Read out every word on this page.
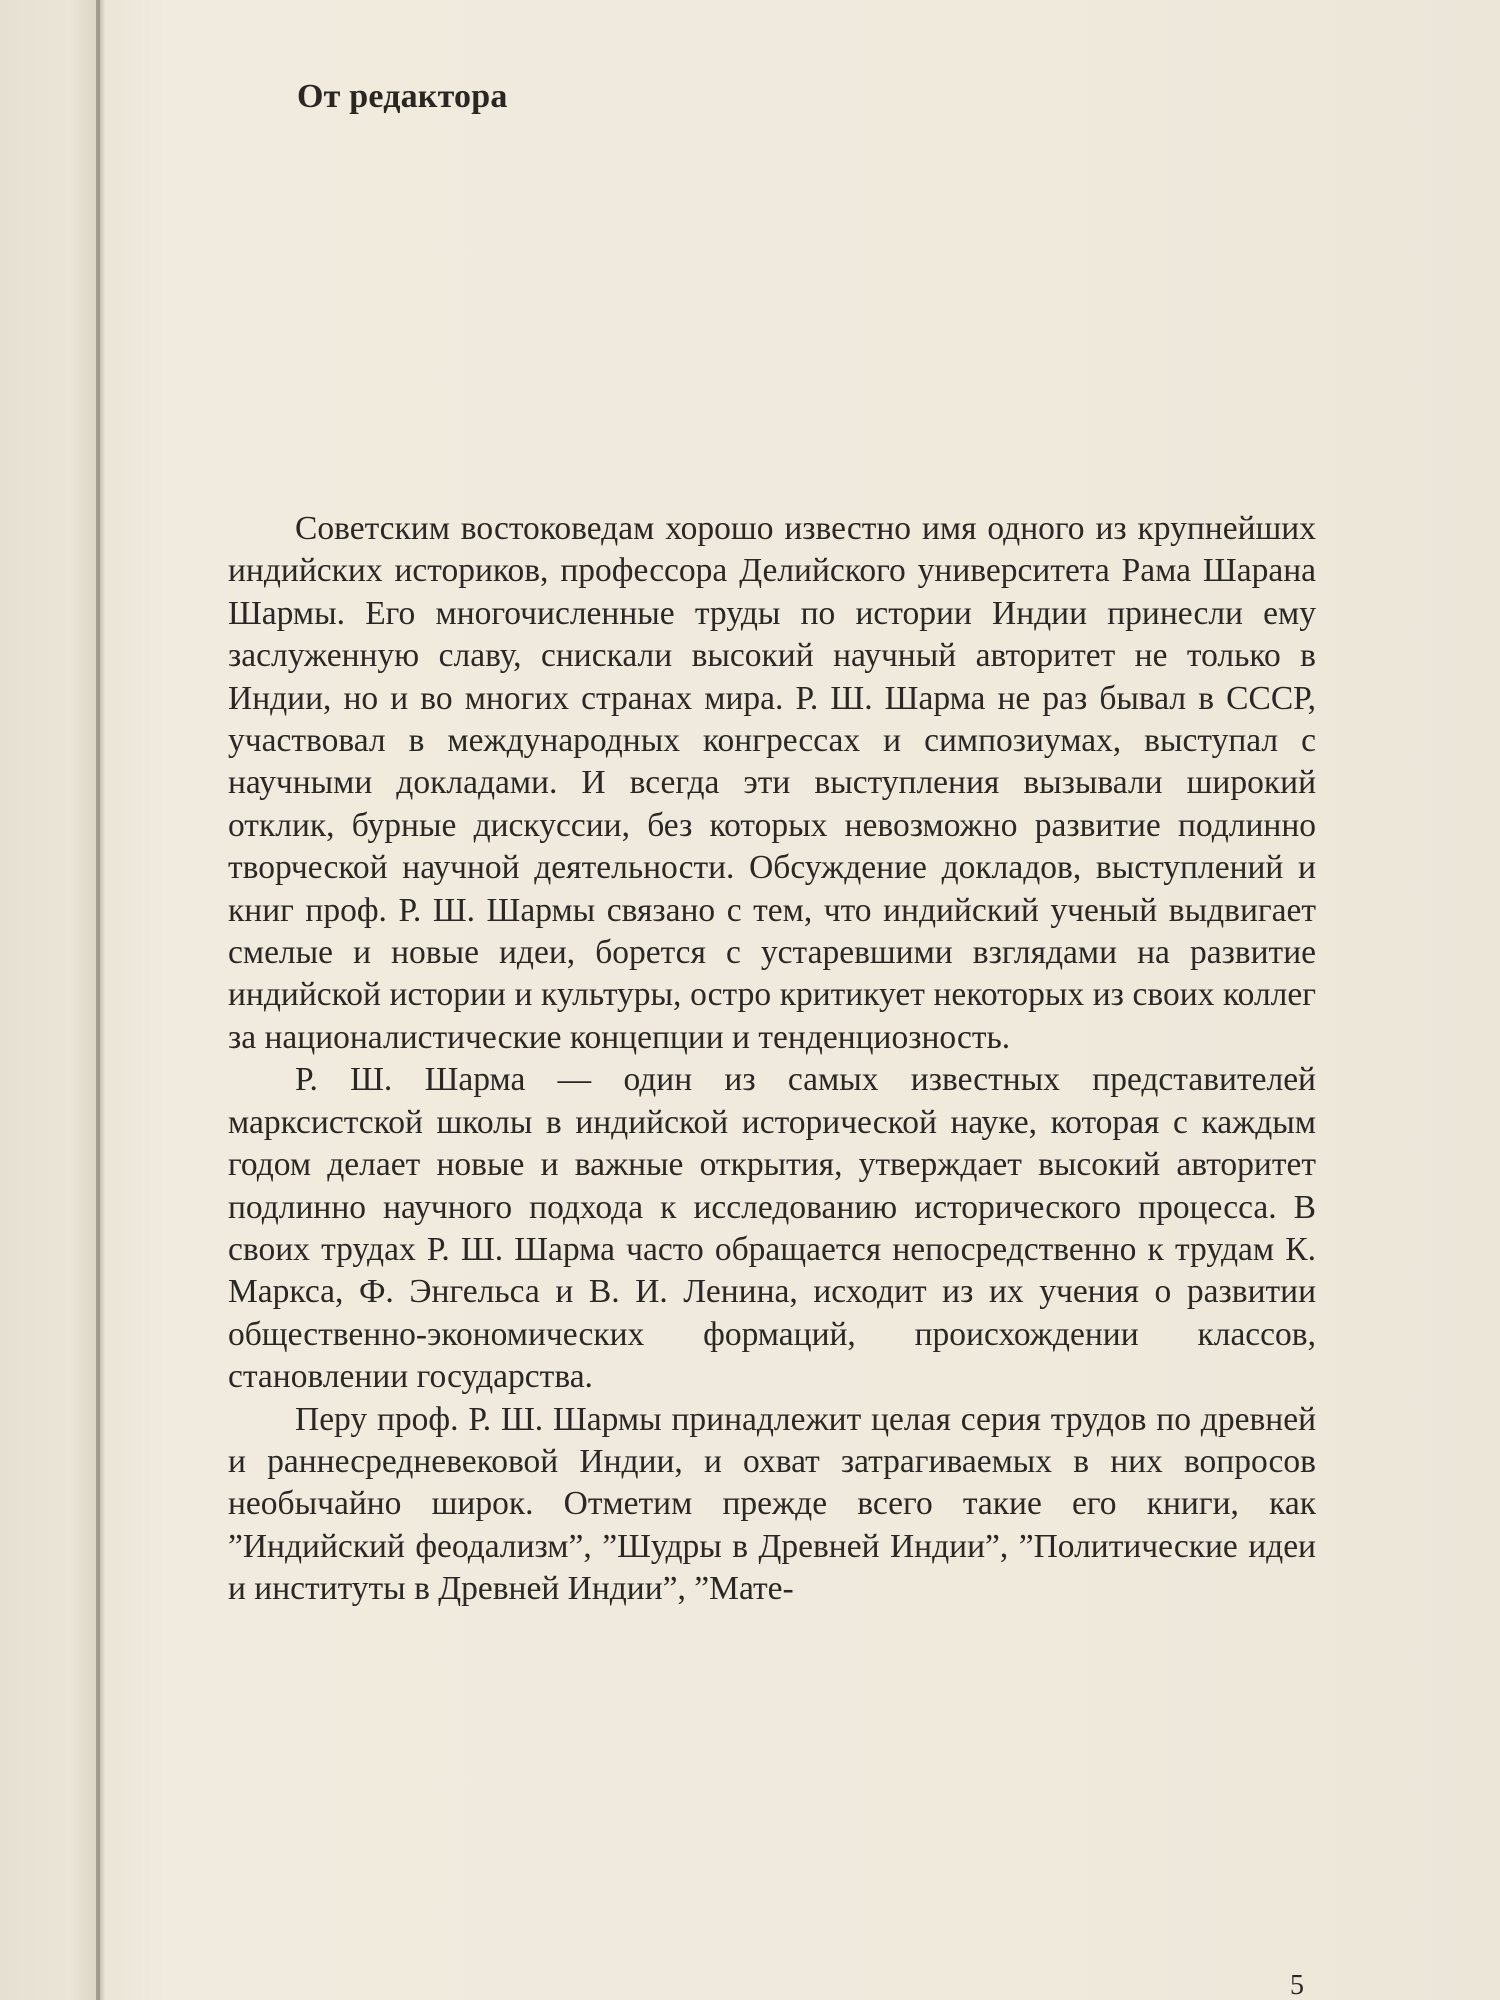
От редактора

Советским востоковедам хорошо известно имя одного из крупнейших индийских историков, профессора Делийского университета Рама Шарана Шармы. Его многочисленные труды по истории Индии принесли ему заслуженную славу, снискали высокий научный авторитет не только в Индии, но и во многих странах мира. Р. Ш. Шарма не раз бывал в СССР, участвовал в международных конгрессах и симпозиумах, выступал с научными докладами. И всегда эти выступления вызывали широкий отклик, бурные дискуссии, без которых невозможно развитие подлинно творческой научной деятельности. Обсуждение докладов, выступлений и книг проф. Р. Ш. Шармы связано с тем, что индийский ученый выдвигает смелые и новые идеи, борется с устаревшими взглядами на развитие индийской истории и культуры, остро критикует некоторых из своих коллег за националистические концепции и тенденциозность.

Р. Ш. Шарма — один из самых известных представителей марксистской школы в индийской исторической науке, которая с каждым годом делает новые и важные открытия, утверждает высокий авторитет подлинно научного подхода к исследованию исторического процесса. В своих трудах Р. Ш. Шарма часто обращается непосредственно к трудам К. Маркса, Ф. Энгельса и В. И. Ленина, исходит из их учения о развитии общественно-экономических формаций, происхождении классов, становлении государства.

Перу проф. Р. Ш. Шармы принадлежит целая серия трудов по древней и раннесредневековой Индии, и охват затрагиваемых в них вопросов необычайно широк. Отметим прежде всего такие его книги, как ”Индийский феодализм”, ”Шудры в Древней Индии”, ”Политические идеи и институты в Древней Индии”, ”Мате-

5
